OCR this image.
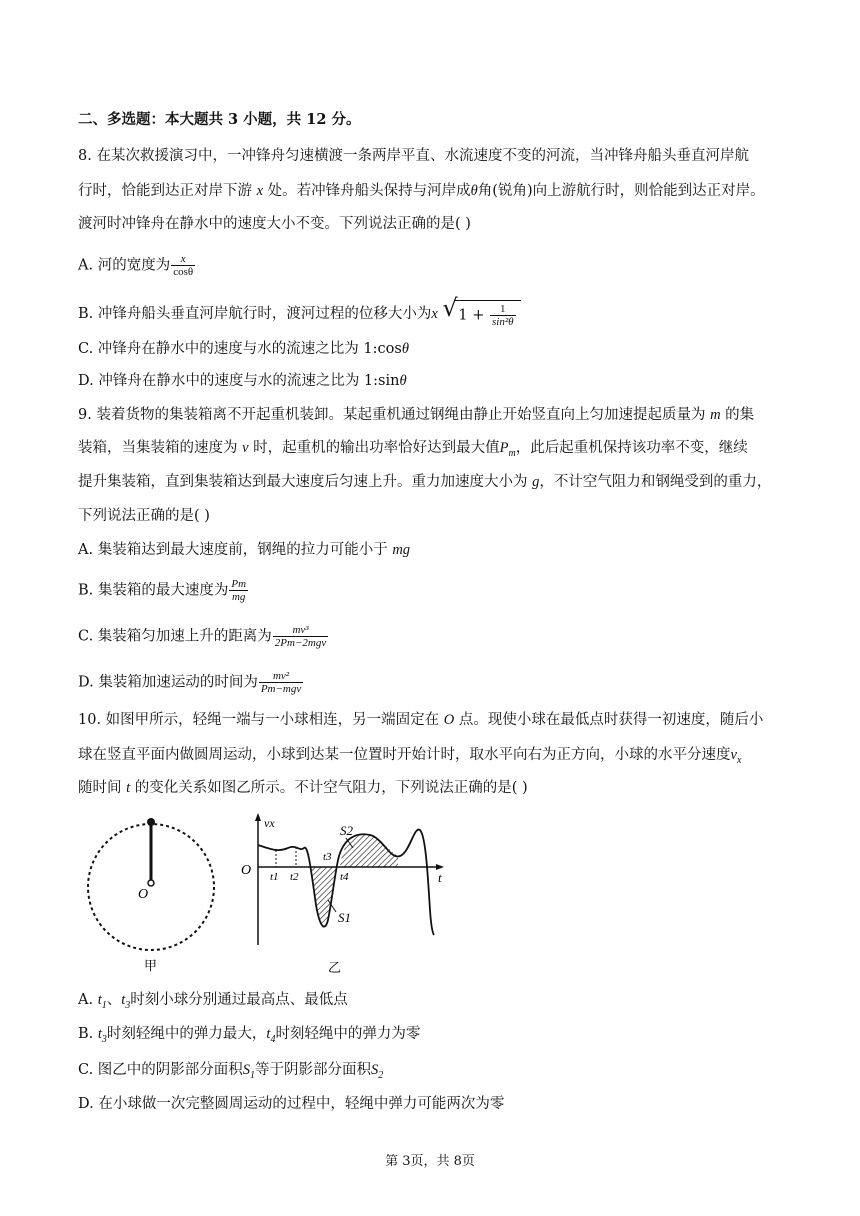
二、多选题：本大题共 3 小题，共 12 分。
8. 在某次救援演习中，一冲锋舟匀速横渡一条两岸平直、水流速度不变的河流，当冲锋舟船头垂直河岸航
行时，恰能到达正对岸下游 x 处。若冲锋舟船头保持与河岸成θ角(锐角)向上游航行时，则恰能到达正对岸。
渡河时冲锋舟在静水中的速度大小不变。下列说法正确的是( )
A. 河的宽度为 $\frac{x}{\cos\theta}$
B. 冲锋舟船头垂直河岸航行时，渡河过程的位移大小为x √ $1 + \frac{1}{\text{sin²θ}}$
C. 冲锋舟在静水中的速度与水的流速之比为 1:cosθ
D. 冲锋舟在静水中的速度与水的流速之比为 1:sinθ
9. 装着货物的集装箱离不开起重机装卸。某起重机通过钢绳由静止开始竖直向上匀加速提起质量为 m 的集
装箱，当集装箱的速度为 v 时，起重机的输出功率恰好达到最大值$P_m$，此后起重机保持该功率不变，继续
提升集装箱，直到集装箱达到最大速度后匀速上升。重力加速度大小为 g，不计空气阻力和钢绳受到的重力，
下列说法正确的是( )
A. 集装箱达到最大速度前，钢绳的拉力可能小于 mg
B. 集装箱的最大速度为 $\frac{Pm}{mg}$
C. 集装箱匀加速上升的距离为 $\frac{\text{mv³}}{\text{2Pm−2mgv}}$
D. 集装箱加速运动的时间为 $\frac{\text{mv²}}{\text{Pm−mgv}}$
10. 如图甲所示，轻绳一端与一小球相连，另一端固定在 O 点。现使小球在最低点时获得一初速度，随后小
球在竖直平面内做圆周运动，小球到达某一位置时开始计时，取水平向右为正方向，小球的水平分速度$v_x$
随时间 t 的变化关系如图乙所示。不计空气阻力，下列说法正确的是( )
O
甲
vx
O	t
t1 t2
t3
t4
S2
S1
乙
A. $t_1$、$t_3$时刻小球分别通过最高点、最低点
B. $t_3$时刻轻绳中的弹力最大，$t_4$时刻轻绳中的弹力为零
C. 图乙中的阴影部分面积$S_1$等于阴影部分面积$S_2$
D. 在小球做一次完整圆周运动的过程中，轻绳中弹力可能两次为零
第 3页，共 8页
